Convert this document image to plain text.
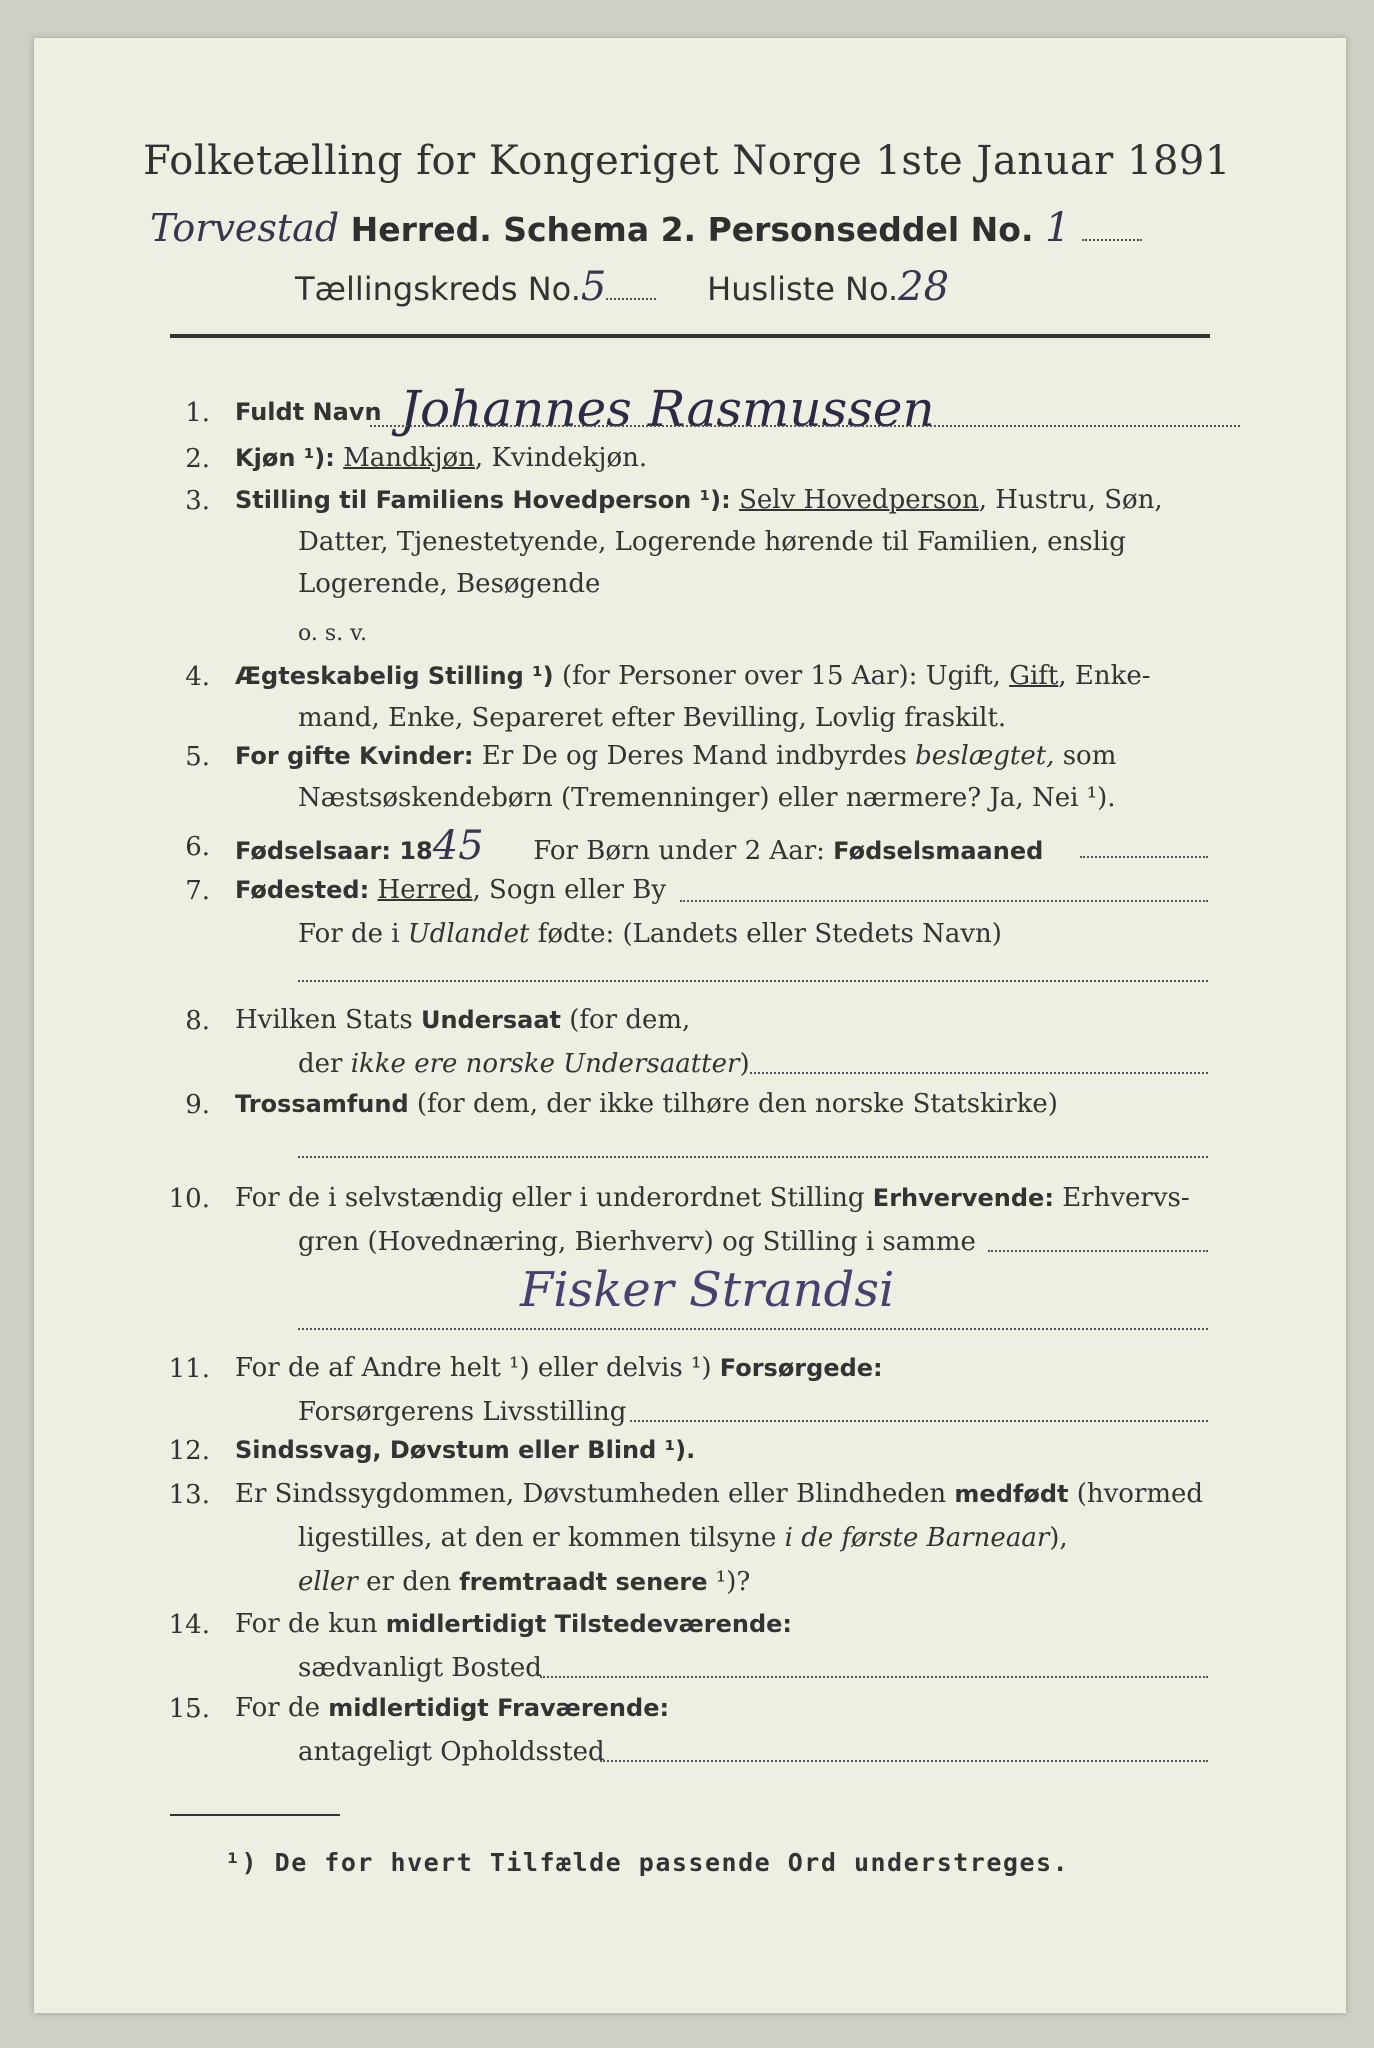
Folketælling for Kongeriget Norge 1ste Januar 1891
Torvestad Herred. Schema 2. Personseddel No. 1
Tællingskreds No.5	Husliste No.28
1. Fuldt Navn Johannes Rasmussen
2. Kjøn ¹): Mandkjøn, Kvindekjøn.
3. Stilling til Familiens Hovedperson ¹): Selv Hovedperson, Hustru, Søn,
Datter, Tjenestetyende, Logerende hørende til Familien, enslig
Logerende, Besøgende
o. s. v.
4. Ægteskabelig Stilling ¹) (for Personer over 15 Aar): Ugift, Gift, Enke-
mand, Enke, Separeret efter Bevilling, Lovlig fraskilt.
5. For gifte Kvinder: Er De og Deres Mand indbyrdes beslægtet, som
Næstsøskendebørn (Tremenninger) eller nærmere? Ja, Nei ¹).
6. Fødselsaar: 1845 For Børn under 2 Aar: Fødselsmaaned
7. Fødested: Herred, Sogn eller By
For de i Udlandet fødte: (Landets eller Stedets Navn)
8. Hvilken Stats Undersaat (for dem,
der ikke ere norske Undersaatter)
9. Trossamfund (for dem, der ikke tilhøre den norske Statskirke)
10. For de i selvstændig eller i underordnet Stilling Erhvervende: Erhvervs-
gren (Hovednæring, Bierhverv) og Stilling i samme
Fisker Strandsi
11. For de af Andre helt ¹) eller delvis ¹) Forsørgede:
Forsørgerens Livsstilling
12. Sindssvag, Døvstum eller Blind ¹).
13. Er Sindssygdommen, Døvstumheden eller Blindheden medfødt (hvormed
ligestilles, at den er kommen tilsyne i de første Barneaar),
eller er den fremtraadt senere ¹)?
14. For de kun midlertidigt Tilstedeværende:
sædvanligt Bosted
15. For de midlertidigt Fraværende:
antageligt Opholdssted
¹) De for hvert Tilfælde passende Ord understreges.
